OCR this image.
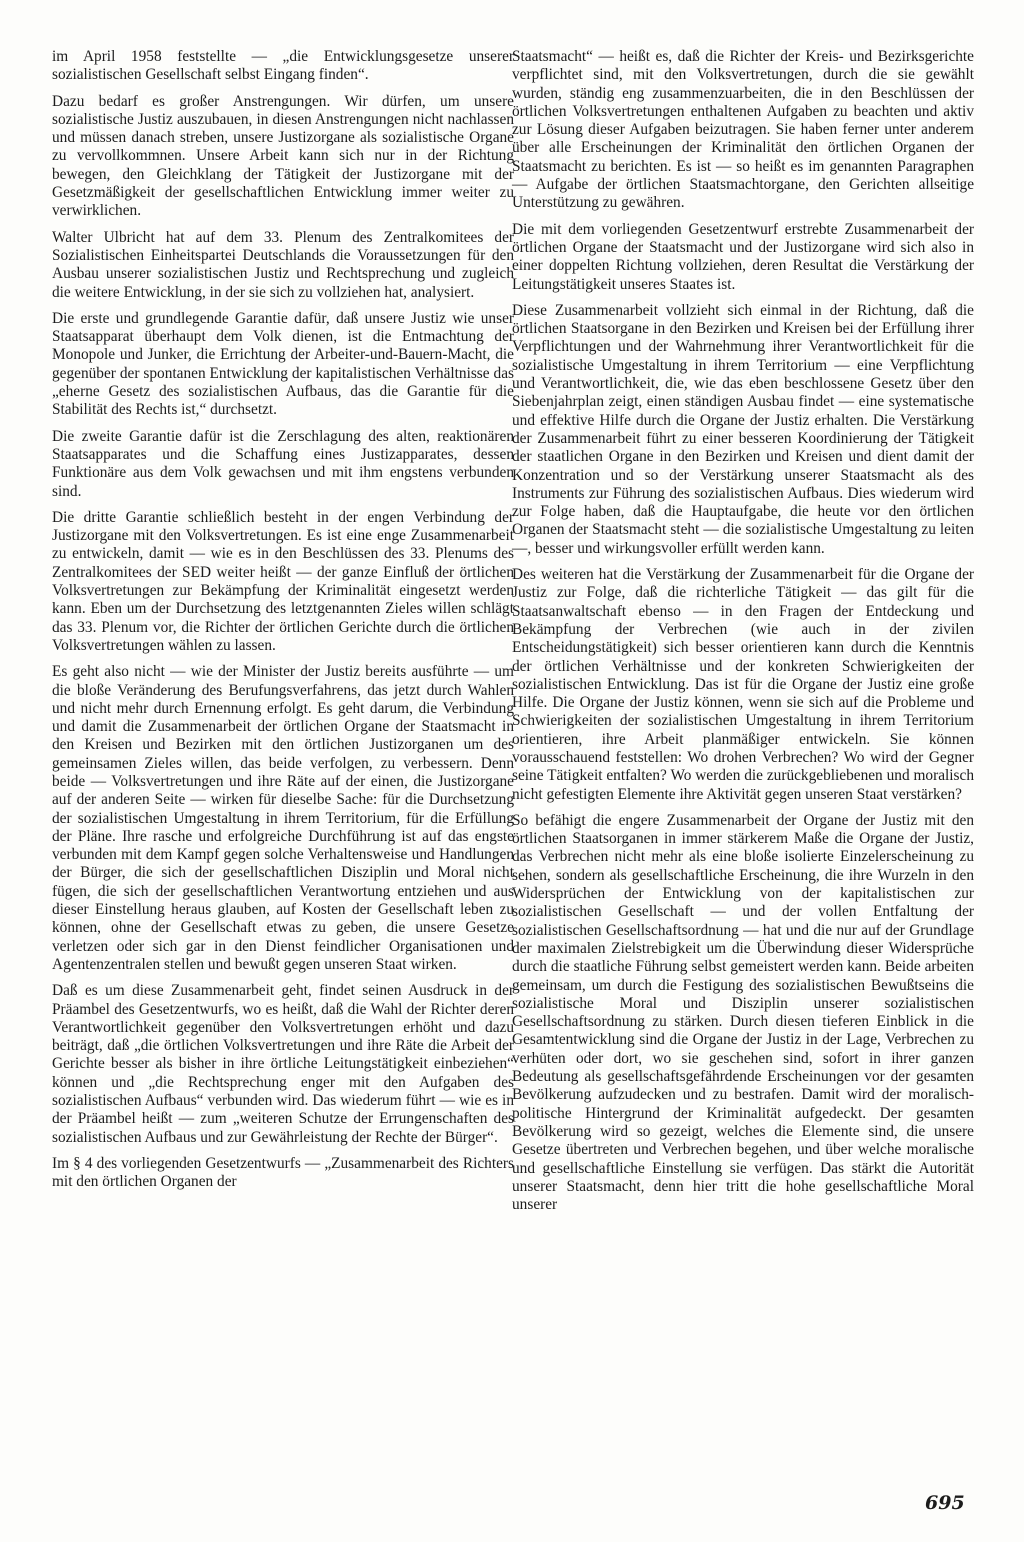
im April 1958 feststellte — „die Entwicklungsgesetze unserer sozialistischen Gesellschaft selbst Eingang finden“.

Dazu bedarf es großer Anstrengungen. Wir dürfen, um unsere sozialistische Justiz auszubauen, in diesen Anstrengungen nicht nachlassen und müssen danach streben, unsere Justizorgane als sozialistische Organe zu vervollkommnen. Unsere Arbeit kann sich nur in der Richtung bewegen, den Gleichklang der Tätigkeit der Justizorgane mit der Gesetzmäßigkeit der gesellschaftlichen Entwicklung immer weiter zu verwirklichen.

Walter Ulbricht hat auf dem 33. Plenum des Zentralkomitees der Sozialistischen Einheitspartei Deutschlands die Voraussetzungen für den Ausbau unserer sozialistischen Justiz und Rechtsprechung und zugleich die weitere Entwicklung, in der sie sich zu vollziehen hat, analysiert.

Die erste und grundlegende Garantie dafür, daß unsere Justiz wie unser Staatsapparat überhaupt dem Volk dienen, ist die Entmachtung der Monopole und Junker, die Errichtung der Arbeiter-und-Bauern-Macht, die gegenüber der spontanen Entwicklung der kapitalistischen Verhältnisse das „eherne Gesetz des sozialistischen Aufbaus, das die Garantie für die Stabilität des Rechts ist,“ durchsetzt.

Die zweite Garantie dafür ist die Zerschlagung des alten, reaktionären Staatsapparates und die Schaffung eines Justizapparates, dessen Funktionäre aus dem Volk gewachsen und mit ihm engstens verbunden sind.

Die dritte Garantie schließlich besteht in der engen Verbindung der Justizorgane mit den Volksvertretungen. Es ist eine enge Zusammenarbeit zu entwickeln, damit — wie es in den Beschlüssen des 33. Plenums des Zentralkomitees der SED weiter heißt — der ganze Einfluß der örtlichen Volksvertretungen zur Bekämpfung der Kriminalität eingesetzt werden kann. Eben um der Durchsetzung des letztgenannten Zieles willen schlägt das 33. Plenum vor, die Richter der örtlichen Gerichte durch die örtlichen Volksvertretungen wählen zu lassen.

Es geht also nicht — wie der Minister der Justiz bereits ausführte — um die bloße Veränderung des Berufungsverfahrens, das jetzt durch Wahlen und nicht mehr durch Ernennung erfolgt. Es geht darum, die Verbindung und damit die Zusammenarbeit der örtlichen Organe der Staatsmacht in den Kreisen und Bezirken mit den örtlichen Justizorganen um des gemeinsamen Zieles willen, das beide verfolgen, zu verbessern. Denn beide — Volksvertretungen und ihre Räte auf der einen, die Justizorgane auf der anderen Seite — wirken für dieselbe Sache: für die Durchsetzung der sozialistischen Umgestaltung in ihrem Territorium, für die Erfüllung der Pläne. Ihre rasche und erfolgreiche Durchführung ist auf das engste verbunden mit dem Kampf gegen solche Verhaltensweise und Handlungen der Bürger, die sich der gesellschaftlichen Disziplin und Moral nicht fügen, die sich der gesellschaftlichen Verantwortung entziehen und aus dieser Einstellung heraus glauben, auf Kosten der Gesellschaft leben zu können, ohne der Gesellschaft etwas zu geben, die unsere Gesetze verletzen oder sich gar in den Dienst feindlicher Organisationen und Agentenzentralen stellen und bewußt gegen unseren Staat wirken.

Daß es um diese Zusammenarbeit geht, findet seinen Ausdruck in der Präambel des Gesetzentwurfs, wo es heißt, daß die Wahl der Richter deren Verantwortlichkeit gegenüber den Volksvertretungen erhöht und dazu beiträgt, daß „die örtlichen Volksvertretungen und ihre Räte die Arbeit der Gerichte besser als bisher in ihre örtliche Leitungstätigkeit einbeziehen“ können und „die Rechtsprechung enger mit den Aufgaben des sozialistischen Aufbaus“ verbunden wird. Das wiederum führt — wie es in der Präambel heißt — zum „weiteren Schutze der Errungenschaften des sozialistischen Aufbaus und zur Gewährleistung der Rechte der Bürger“.

Im § 4 des vorliegenden Gesetzentwurfs — „Zusammenarbeit des Richters mit den örtlichen Organen der

Staatsmacht“ — heißt es, daß die Richter der Kreis- und Bezirksgerichte verpflichtet sind, mit den Volksvertretungen, durch die sie gewählt wurden, ständig eng zusammenzuarbeiten, die in den Beschlüssen der örtlichen Volksvertretungen enthaltenen Aufgaben zu beachten und aktiv zur Lösung dieser Aufgaben beizutragen. Sie haben ferner unter anderem über alle Erscheinungen der Kriminalität den örtlichen Organen der Staatsmacht zu berichten. Es ist — so heißt es im genannten Paragraphen — Aufgabe der örtlichen Staatsmachtorgane, den Gerichten allseitige Unterstützung zu gewähren.

Die mit dem vorliegenden Gesetzentwurf erstrebte Zusammenarbeit der örtlichen Organe der Staatsmacht und der Justizorgane wird sich also in einer doppelten Richtung vollziehen, deren Resultat die Verstärkung der Leitungstätigkeit unseres Staates ist.

Diese Zusammenarbeit vollzieht sich einmal in der Richtung, daß die örtlichen Staatsorgane in den Bezirken und Kreisen bei der Erfüllung ihrer Verpflichtungen und der Wahrnehmung ihrer Verantwortlichkeit für die sozialistische Umgestaltung in ihrem Territorium — eine Verpflichtung und Verantwortlichkeit, die, wie das eben beschlossene Gesetz über den Siebenjahrplan zeigt, einen ständigen Ausbau findet — eine systematische und effektive Hilfe durch die Organe der Justiz erhalten. Die Verstärkung der Zusammenarbeit führt zu einer besseren Koordinierung der Tätigkeit der staatlichen Organe in den Bezirken und Kreisen und dient damit der Konzentration und so der Verstärkung unserer Staatsmacht als des Instruments zur Führung des sozialistischen Aufbaus. Dies wiederum wird zur Folge haben, daß die Hauptaufgabe, die heute vor den örtlichen Organen der Staatsmacht steht — die sozialistische Umgestaltung zu leiten —, besser und wirkungsvoller erfüllt werden kann.

Des weiteren hat die Verstärkung der Zusammenarbeit für die Organe der Justiz zur Folge, daß die richterliche Tätigkeit — das gilt für die Staatsanwaltschaft ebenso — in den Fragen der Entdeckung und Bekämpfung der Verbrechen (wie auch in der zivilen Entscheidungstätigkeit) sich besser orientieren kann durch die Kenntnis der örtlichen Verhältnisse und der konkreten Schwierigkeiten der sozialistischen Entwicklung. Das ist für die Organe der Justiz eine große Hilfe. Die Organe der Justiz können, wenn sie sich auf die Probleme und Schwierigkeiten der sozialistischen Umgestaltung in ihrem Territorium orientieren, ihre Arbeit planmäßiger entwickeln. Sie können vorausschauend feststellen: Wo drohen Verbrechen? Wo wird der Gegner seine Tätigkeit entfalten? Wo werden die zurückgebliebenen und moralisch nicht gefestigten Elemente ihre Aktivität gegen unseren Staat verstärken?

So befähigt die engere Zusammenarbeit der Organe der Justiz mit den örtlichen Staatsorganen in immer stärkerem Maße die Organe der Justiz, das Verbrechen nicht mehr als eine bloße isolierte Einzelerscheinung zu sehen, sondern als gesellschaftliche Erscheinung, die ihre Wurzeln in den Widersprüchen der Entwicklung von der kapitalistischen zur sozialistischen Gesellschaft — und der vollen Entfaltung der sozialistischen Gesellschaftsordnung — hat und die nur auf der Grundlage der maximalen Zielstrebigkeit um die Überwindung dieser Widersprüche durch die staatliche Führung selbst gemeistert werden kann. Beide arbeiten gemeinsam, um durch die Festigung des sozialistischen Bewußtseins die sozialistische Moral und Disziplin unserer sozialistischen Gesellschaftsordnung zu stärken. Durch diesen tieferen Einblick in die Gesamtentwicklung sind die Organe der Justiz in der Lage, Verbrechen zu verhüten oder dort, wo sie geschehen sind, sofort in ihrer ganzen Bedeutung als gesellschaftsgefährdende Erscheinungen vor der gesamten Bevölkerung aufzudecken und zu bestrafen. Damit wird der moralisch-politische Hintergrund der Kriminalität aufgedeckt. Der gesamten Bevölkerung wird so gezeigt, welches die Elemente sind, die unsere Gesetze übertreten und Verbrechen begehen, und über welche moralische und gesellschaftliche Einstellung sie verfügen. Das stärkt die Autorität unserer Staatsmacht, denn hier tritt die hohe gesellschaftliche Moral unserer

695
